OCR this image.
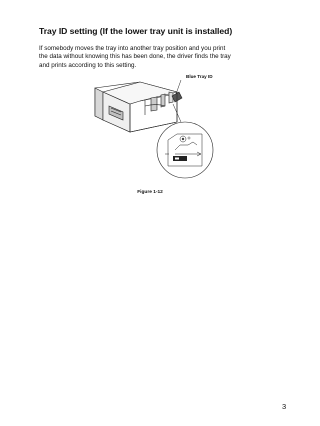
Tray ID setting (If the lower tray unit is installed)
If somebody moves the tray into another tray position and you print
the data without knowing this has been done, the driver finds the tray
and prints according to this setting.
Blue Tray ID
Figure 1-12
3
